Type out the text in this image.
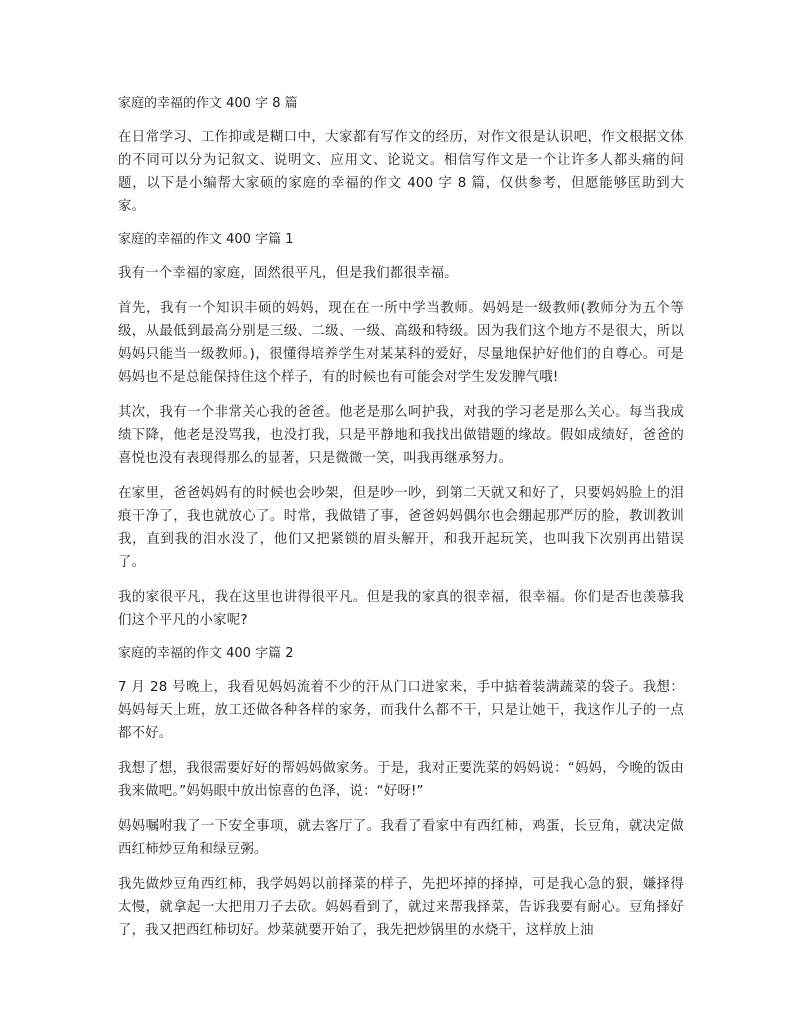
家庭的幸福的作文 400 字 8 篇
在日常学习、工作抑或是糊口中，大家都有写作文的经历，对作文很是认识吧，作文根据文体的不同可以分为记叙文、说明文、应用文、论说文。相信写作文是一个让许多人都头痛的问题，以下是小编帮大家硕的家庭的幸福的作文 400 字 8 篇，仅供参考，但愿能够匡助到大家。
家庭的幸福的作文 400 字篇 1
我有一个幸福的家庭，固然很平凡，但是我们都很幸福。
首先，我有一个知识丰硕的妈妈，现在在一所中学当教师。妈妈是一级教师(教师分为五个等级，从最低到最高分别是三级、二级、一级、高级和特级。因为我们这个地方不是很大，所以妈妈只能当一级教师。)，很懂得培养学生对某某科的爱好，尽量地保护好他们的自尊心。可是妈妈也不是总能保持住这个样子，有的时候也有可能会对学生发发脾气哦!
其次，我有一个非常关心我的爸爸。他老是那么呵护我，对我的学习老是那么关心。每当我成绩下降，他老是没骂我，也没打我，只是平静地和我找出做错题的缘故。假如成绩好，爸爸的喜悦也没有表现得那么的显著，只是微微一笑，叫我再继承努力。
在家里，爸爸妈妈有的时候也会吵架，但是吵一吵，到第二天就又和好了，只要妈妈脸上的泪痕干净了，我也就放心了。时常，我做错了事，爸爸妈妈偶尔也会绷起那严厉的脸，教训教训我，直到我的泪水没了，他们又把紧锁的眉头解开，和我开起玩笑，也叫我下次别再出错误了。
我的家很平凡，我在这里也讲得很平凡。但是我的家真的很幸福，很幸福。你们是否也羡慕我们这个平凡的小家呢?
家庭的幸福的作文 400 字篇 2
7 月 28 号晚上，我看见妈妈流着不少的汗从门口进家来，手中掂着装满蔬菜的袋子。我想：妈妈每天上班，放工还做各种各样的家务，而我什么都不干，只是让她干，我这作儿子的一点都不好。
我想了想，我很需要好好的帮妈妈做家务。于是，我对正要洗菜的妈妈说：“妈妈，今晚的饭由我来做吧。”妈妈眼中放出惊喜的色泽，说：“好呀!”
妈妈嘱咐我了一下安全事项，就去客厅了。我看了看家中有西红柿，鸡蛋，长豆角，就决定做西红柿炒豆角和绿豆粥。
我先做炒豆角西红柿，我学妈妈以前择菜的样子，先把坏掉的择掉，可是我心急的狠，嫌择得太慢，就拿起一大把用刀子去砍。妈妈看到了，就过来帮我择菜，告诉我要有耐心。豆角择好了，我又把西红柿切好。炒菜就要开始了，我先把炒锅里的水烧干，这样放上油
